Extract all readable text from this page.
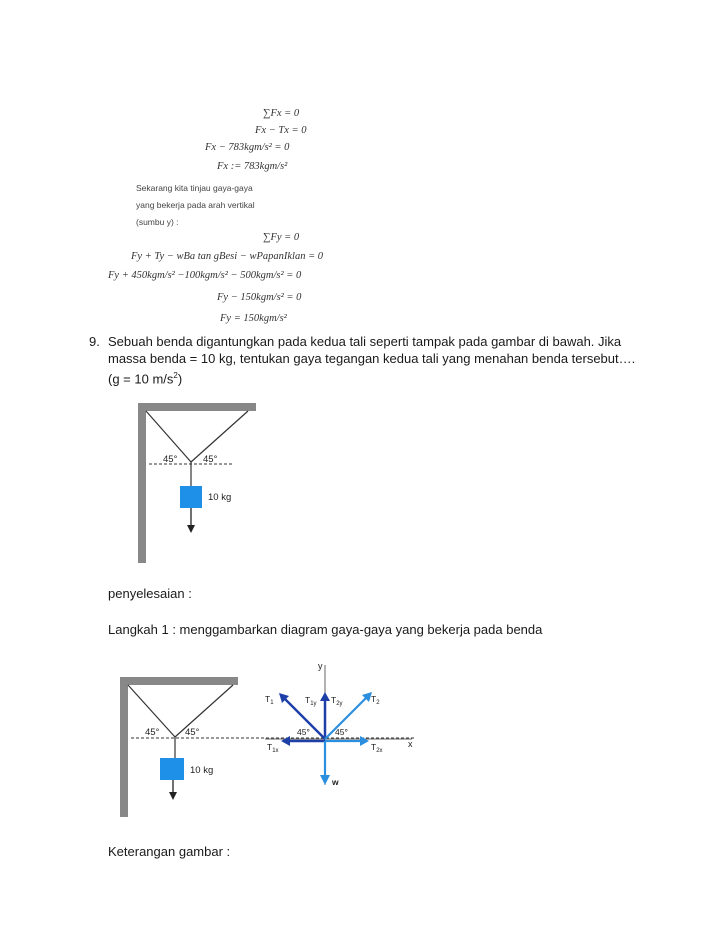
∑Fx = 0
Fx − Tx = 0
Fx − 783kgm/s² = 0
Fx := 783kgm/s²
Sekarang kita tinjau gaya-gaya
yang bekerja pada arah vertikal
(sumbu y) :
∑Fy = 0
Fy + Ty − wBa tan gBesi − wPapanIklan = 0
Fy + 450kgm/s² −100kgm/s² − 500kgm/s² = 0
Fy − 150kgm/s² = 0
Fy = 150kgm/s²
9. Sebuah benda digantungkan pada kedua tali seperti tampak pada gambar di bawah. Jika
massa benda = 10 kg, tentukan gaya tegangan kedua tali yang menahan benda tersebut….
(g = 10 $m/s^2$)
45°	45°
10 kg
penyelesaian :
Langkah 1 : menggambarkan diagram gaya-gaya yang bekerja pada benda
45°	45°
10 kg
y
x
$T_1$	$T_{1y}$ $T_{2y}$	$T_2$
$T_{1x}$	$T_{2x}$
w
45°	45°
Keterangan gambar :
